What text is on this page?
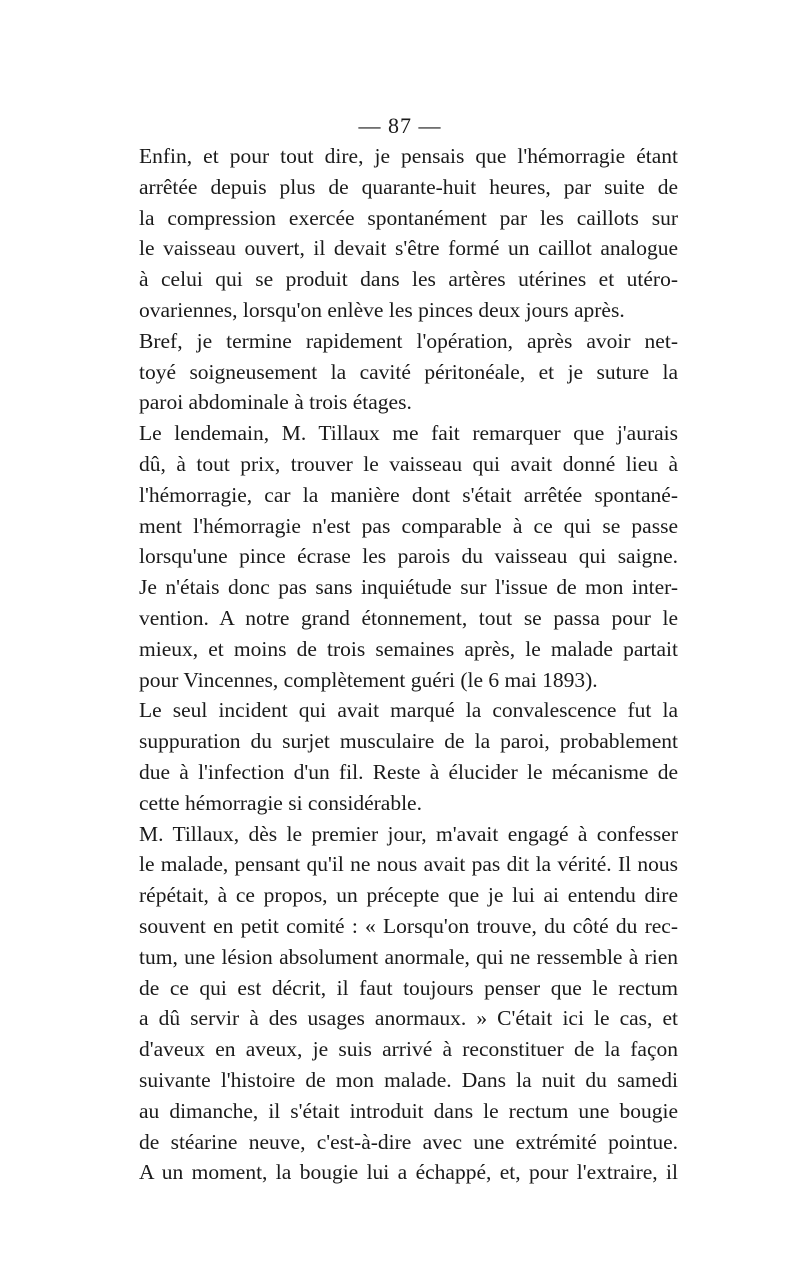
— 87 —
Enfin, et pour tout dire, je pensais que l'hémorragie étant
arrêtée depuis plus de quarante-huit heures, par suite de
la compression exercée spontanément par les caillots sur
le vaisseau ouvert, il devait s'être formé un caillot analogue
à celui qui se produit dans les artères utérines et utéro-
ovariennes, lorsqu'on enlève les pinces deux jours après.
Bref, je termine rapidement l'opération, après avoir net-
toyé soigneusement la cavité péritonéale, et je suture la
paroi abdominale à trois étages.
Le lendemain, M. Tillaux me fait remarquer que j'aurais
dû, à tout prix, trouver le vaisseau qui avait donné lieu à
l'hémorragie, car la manière dont s'était arrêtée spontané-
ment l'hémorragie n'est pas comparable à ce qui se passe
lorsqu'une pince écrase les parois du vaisseau qui saigne.
Je n'étais donc pas sans inquiétude sur l'issue de mon inter-
vention. A notre grand étonnement, tout se passa pour le
mieux, et moins de trois semaines après, le malade partait
pour Vincennes, complètement guéri (le 6 mai 1893).
Le seul incident qui avait marqué la convalescence fut la
suppuration du surjet musculaire de la paroi, probablement
due à l'infection d'un fil. Reste à élucider le mécanisme de
cette hémorragie si considérable.
M. Tillaux, dès le premier jour, m'avait engagé à confesser
le malade, pensant qu'il ne nous avait pas dit la vérité. Il nous
répétait, à ce propos, un précepte que je lui ai entendu dire
souvent en petit comité : « Lorsqu'on trouve, du côté du rec-
tum, une lésion absolument anormale, qui ne ressemble à rien
de ce qui est décrit, il faut toujours penser que le rectum
a dû servir à des usages anormaux. » C'était ici le cas, et
d'aveux en aveux, je suis arrivé à reconstituer de la façon
suivante l'histoire de mon malade. Dans la nuit du samedi
au dimanche, il s'était introduit dans le rectum une bougie
de stéarine neuve, c'est-à-dire avec une extrémité pointue.
A un moment, la bougie lui a échappé, et, pour l'extraire, il
